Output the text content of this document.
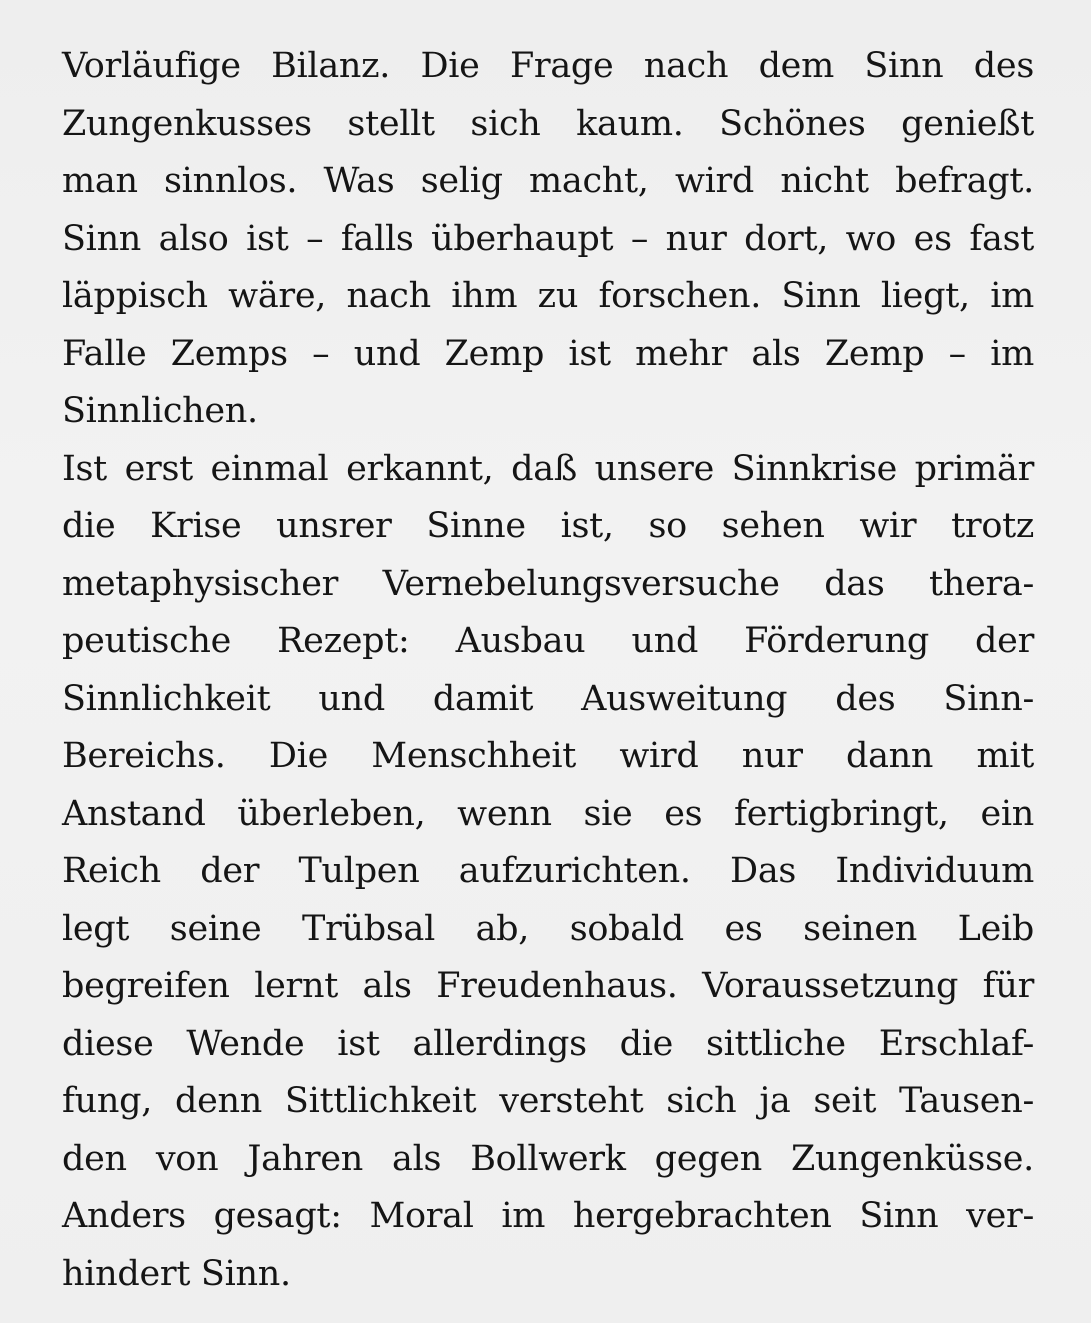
Vorläufige Bilanz. Die Frage nach dem Sinn des
Zungenkusses stellt sich kaum. Schönes genießt
man sinnlos. Was selig macht, wird nicht befragt.
Sinn also ist – falls überhaupt – nur dort, wo es fast
läppisch wäre, nach ihm zu forschen. Sinn liegt, im
Falle Zemps – und Zemp ist mehr als Zemp – im
Sinnlichen.
Ist erst einmal erkannt, daß unsere Sinnkrise primär
die Krise unsrer Sinne ist, so sehen wir trotz
metaphysischer Vernebelungsversuche das thera-
peutische Rezept: Ausbau und Förderung der
Sinnlichkeit und damit Ausweitung des Sinn-
Bereichs. Die Menschheit wird nur dann mit
Anstand überleben, wenn sie es fertigbringt, ein
Reich der Tulpen aufzurichten. Das Individuum
legt seine Trübsal ab, sobald es seinen Leib
begreifen lernt als Freudenhaus. Voraussetzung für
diese Wende ist allerdings die sittliche Erschlaf-
fung, denn Sittlichkeit versteht sich ja seit Tausen-
den von Jahren als Bollwerk gegen Zungenküsse.
Anders gesagt: Moral im hergebrachten Sinn ver-
hindert Sinn.
